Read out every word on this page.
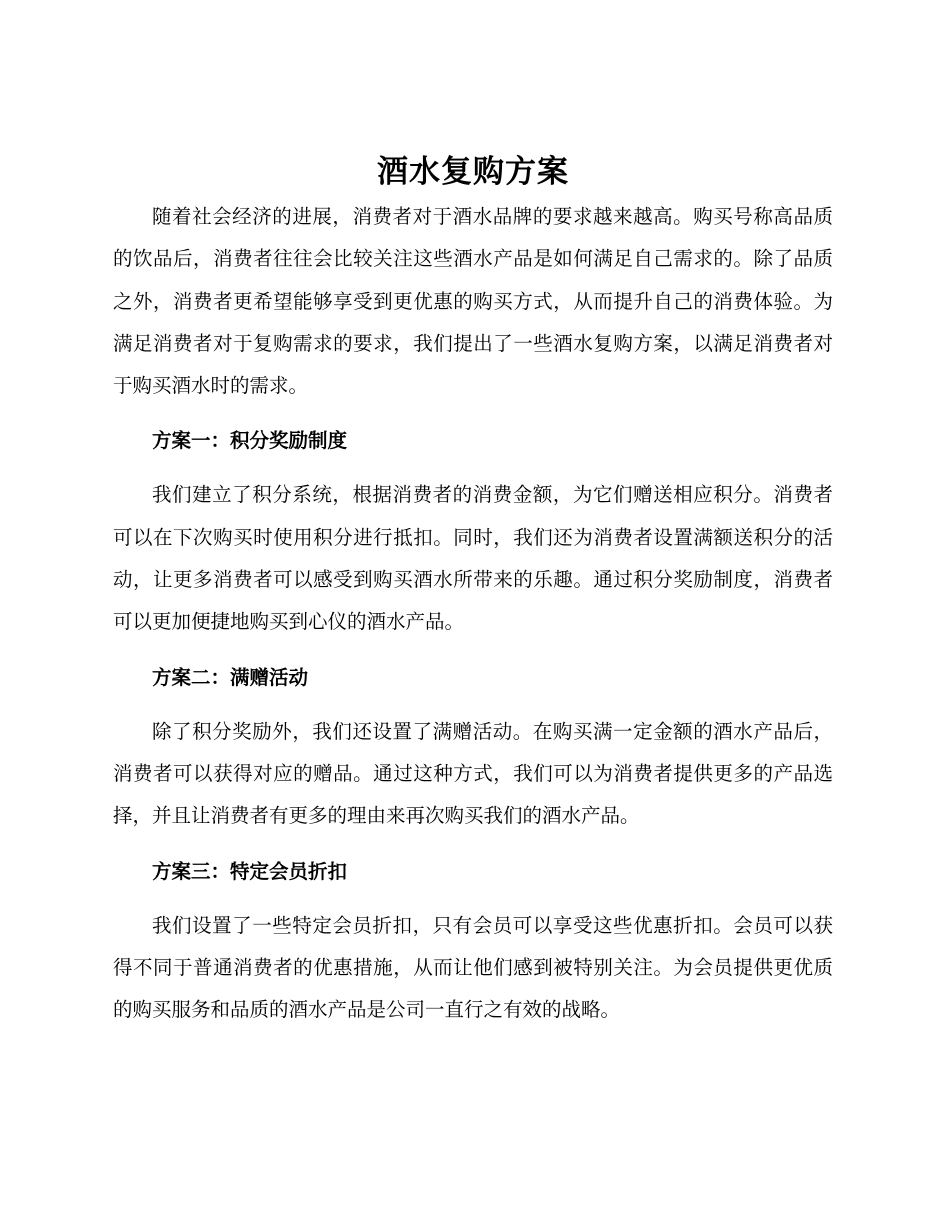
酒水复购方案

随着社会经济的进展，消费者对于酒水品牌的要求越来越高。购买号称高品质的饮品后，消费者往往会比较关注这些酒水产品是如何满足自己需求的。除了品质之外，消费者更希望能够享受到更优惠的购买方式，从而提升自己的消费体验。为满足消费者对于复购需求的要求，我们提出了一些酒水复购方案，以满足消费者对于购买酒水时的需求。

方案一：积分奖励制度

我们建立了积分系统，根据消费者的消费金额，为它们赠送相应积分。消费者可以在下次购买时使用积分进行抵扣。同时，我们还为消费者设置满额送积分的活动，让更多消费者可以感受到购买酒水所带来的乐趣。通过积分奖励制度，消费者可以更加便捷地购买到心仪的酒水产品。

方案二：满赠活动

除了积分奖励外，我们还设置了满赠活动。在购买满一定金额的酒水产品后，消费者可以获得对应的赠品。通过这种方式，我们可以为消费者提供更多的产品选择，并且让消费者有更多的理由来再次购买我们的酒水产品。

方案三：特定会员折扣

我们设置了一些特定会员折扣，只有会员可以享受这些优惠折扣。会员可以获得不同于普通消费者的优惠措施，从而让他们感到被特别关注。为会员提供更优质的购买服务和品质的酒水产品是公司一直行之有效的战略。
